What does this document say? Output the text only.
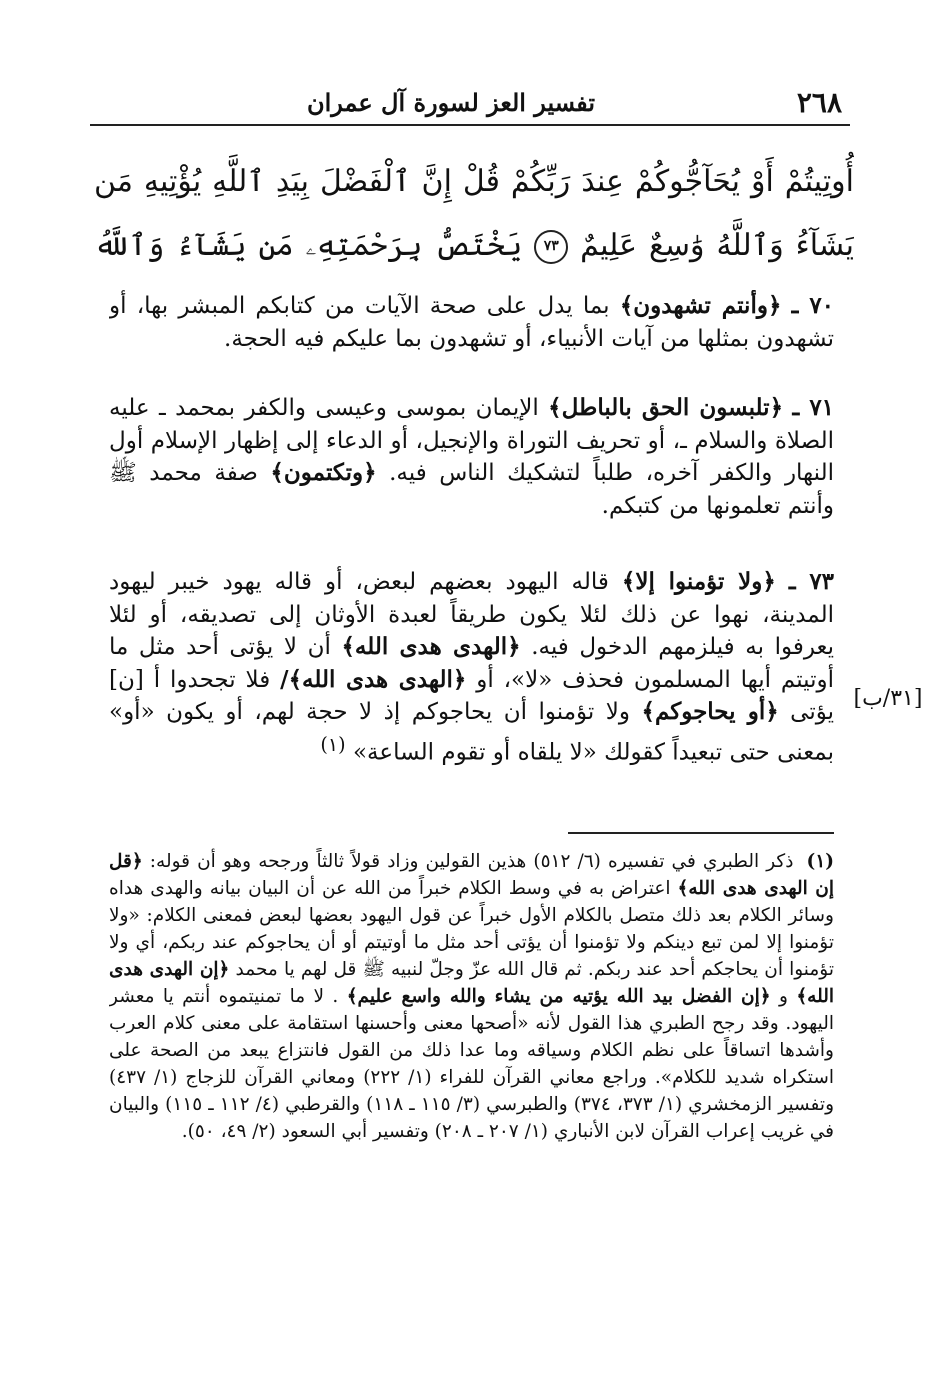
٢٦٨
تفسير العز لسورة آل عمران
أُوتِيتُمْ أَوْ يُحَآجُّوكُمْ عِندَ رَبِّكُمْ قُلْ إِنَّ ٱلْفَضْلَ بِيَدِ ٱللَّهِ يُؤْتِيهِ مَن يَشَآءُ وَٱللَّهُ وَٰسِعٌ عَلِيمٌ ٧٣ يَخْتَصُّ بِرَحْمَتِهِۦ مَن يَشَآءُ وَٱللَّهُ
٧٠ ـ ﴿وأنتم تشهدون﴾ بما يدل على صحة الآيات من كتابكم المبشر بها، أو تشهدون بمثلها من آيات الأنبياء، أو تشهدون بما عليكم فيه الحجة.
٧١ ـ ﴿تلبسون الحق بالباطل﴾ الإيمان بموسى وعيسى والكفر بمحمد ـ عليه الصلاة والسلام ـ، أو تحريف التوراة والإنجيل، أو الدعاء إلى إظهار الإسلام أول النهار والكفر آخره، طلباً لتشكيك الناس فيه. ﴿وتكتمون﴾ صفة محمد ﷺ وأنتم تعلمونها من كتبكم.
٧٣ ـ ﴿ولا تؤمنوا إلا﴾ قاله اليهود بعضهم لبعض، أو قاله يهود خيبر ليهود المدينة، نهوا عن ذلك لئلا يكون طريقاً لعبدة الأوثان إلى تصديقه، أو لئلا يعرفوا به فيلزمهم الدخول فيه. ﴿الهدى هدى الله﴾ أن لا يؤتى أحد مثل ما أوتيتم أيها المسلمون فحذف «لا»، أو ﴿الهدى هدى الله﴾/ فلا تجحدوا أ [ن] يؤتى ﴿أو يحاجوكم﴾ ولا تؤمنوا أن يحاجوكم إذ لا حجة لهم، أو يكون «أو» بمعنى حتى تبعيداً كقولك «لا يلقاه أو تقوم الساعة» $^{(١)}$
[٣١/ب]
(١) ذكر الطبري في تفسيره (٦/ ٥١٢) هذين القولين وزاد قولاً ثالثاً ورجحه وهو أن قوله: ﴿قل إن الهدى هدى الله﴾ اعتراض به في وسط الكلام خبراً من الله عن أن البيان بيانه والهدى هداه وسائر الكلام بعد ذلك متصل بالكلام الأول خبراً عن قول اليهود بعضها لبعض فمعنى الكلام: «ولا تؤمنوا إلا لمن تبع دينكم ولا تؤمنوا أن يؤتى أحد مثل ما أوتيتم أو أن يحاجوكم عند ربكم، أي ولا تؤمنوا أن يحاجكم أحد عند ربكم. ثم قال الله عزّ وجلّ لنبيه ﷺ قل لهم يا محمد ﴿إن الهدى هدى الله﴾ و ﴿إن الفضل بيد الله يؤتيه من يشاء والله واسع عليم﴾ . لا ما تمنيتموه أنتم يا معشر اليهود. وقد رجح الطبري هذا القول لأنه «أصحها معنى وأحسنها استقامة على معنى كلام العرب وأشدها اتساقاً على نظم الكلام وسياقه وما عدا ذلك من القول فانتزاع يبعد من الصحة على استكراه شديد للكلام». وراجع معاني القرآن للفراء (١/ ٢٢٢) ومعاني القرآن للزجاج (١/ ٤٣٧) وتفسير الزمخشري (١/ ٣٧٣، ٣٧٤) والطبرسي (٣/ ١١٥ ـ ١١٨) والقرطبي (٤/ ١١٢ ـ ١١٥) والبيان في غريب إعراب القرآن لابن الأنباري (١/ ٢٠٧ ـ ٢٠٨) وتفسير أبي السعود (٢/ ٤٩، ٥٠).
